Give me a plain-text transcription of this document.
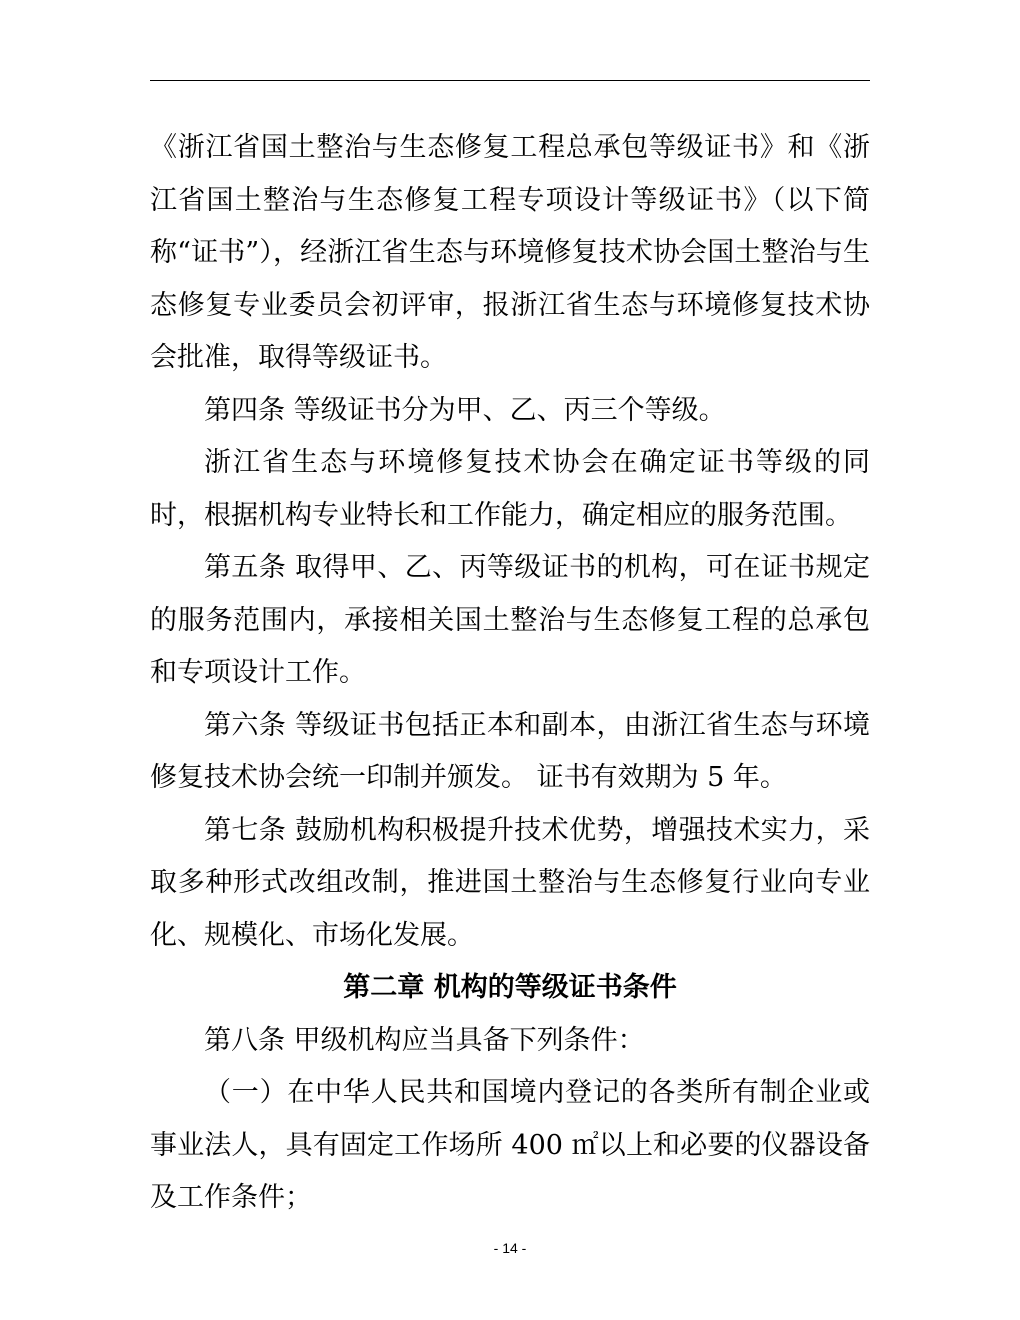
《浙江省国土整治与生态修复工程总承包等级证书》和《浙江省国土整治与生态修复工程专项设计等级证书》（以下简称“证书”），经浙江省生态与环境修复技术协会国土整治与生态修复专业委员会初评审，报浙江省生态与环境修复技术协会批准，取得等级证书。

第四条 等级证书分为甲、乙、丙三个等级。

浙江省生态与环境修复技术协会在确定证书等级的同时，根据机构专业特长和工作能力，确定相应的服务范围。

第五条 取得甲、乙、丙等级证书的机构，可在证书规定的服务范围内，承接相关国土整治与生态修复工程的总承包和专项设计工作。

第六条 等级证书包括正本和副本，由浙江省生态与环境修复技术协会统一印制并颁发。 证书有效期为 5 年。

第七条 鼓励机构积极提升技术优势，增强技术实力，采取多种形式改组改制，推进国土整治与生态修复行业向专业化、规模化、市场化发展。

第二章 机构的等级证书条件

第八条 甲级机构应当具备下列条件：

（一）在中华人民共和国境内登记的各类所有制企业或事业法人，具有固定工作场所 400 ㎡以上和必要的仪器设备及工作条件；

- 14 -
